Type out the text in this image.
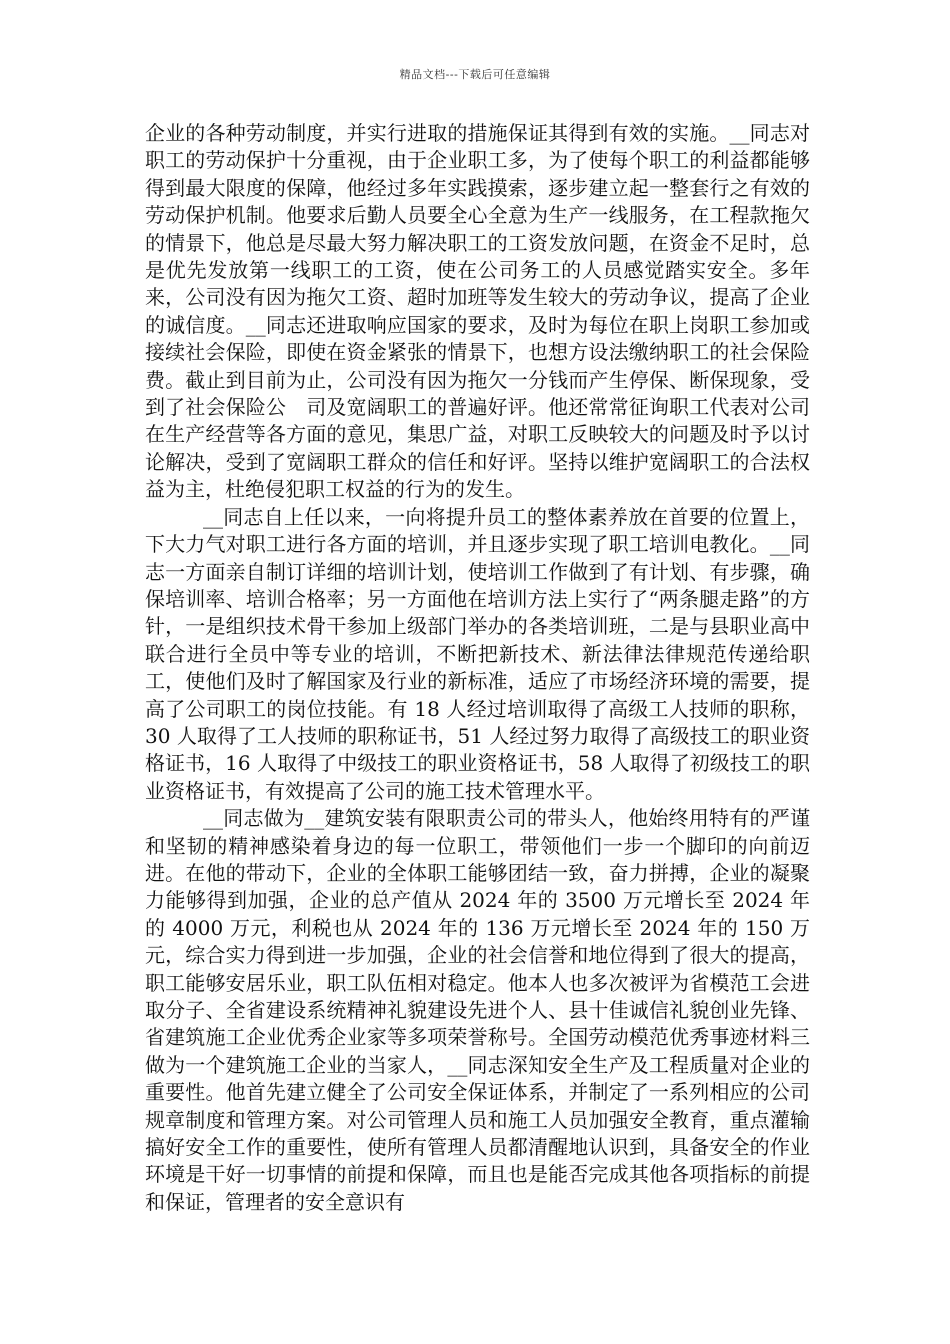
精品文档---下载后可任意编辑

企业的各种劳动制度，并实行进取的措施保证其得到有效的实施。__同志对职工的劳动保护十分重视，由于企业职工多，为了使每个职工的利益都能够得到最大限度的保障，他经过多年实践摸索，逐步建立起一整套行之有效的劳动保护机制。他要求后勤人员要全心全意为生产一线服务，在工程款拖欠的情景下，他总是尽最大努力解决职工的工资发放问题，在资金不足时，总是优先发放第一线职工的工资，使在公司务工的人员感觉踏实安全。多年来，公司没有因为拖欠工资、超时加班等发生较大的劳动争议，提高了企业的诚信度。__同志还进取响应国家的要求，及时为每位在职上岗职工参加或接续社会保险，即使在资金紧张的情景下，也想方设法缴纳职工的社会保险费。截止到目前为止，公司没有因为拖欠一分钱而产生停保、断保现象，受到了社会保险公　司及宽阔职工的普遍好评。他还常常征询职工代表对公司在生产经营等各方面的意见，集思广益，对职工反映较大的问题及时予以讨论解决，受到了宽阔职工群众的信任和好评。坚持以维护宽阔职工的合法权益为主，杜绝侵犯职工权益的行为的发生。

__同志自上任以来，一向将提升员工的整体素养放在首要的位置上，下大力气对职工进行各方面的培训，并且逐步实现了职工培训电教化。__同志一方面亲自制订详细的培训计划，使培训工作做到了有计划、有步骤，确保培训率、培训合格率；另一方面他在培训方法上实行了“两条腿走路”的方针，一是组织技术骨干参加上级部门举办的各类培训班，二是与县职业高中联合进行全员中等专业的培训，不断把新技术、新法律法律规范传递给职工，使他们及时了解国家及行业的新标准，适应了市场经济环境的需要，提高了公司职工的岗位技能。有 18 人经过培训取得了高级工人技师的职称，30 人取得了工人技师的职称证书，51 人经过努力取得了高级技工的职业资格证书，16 人取得了中级技工的职业资格证书，58 人取得了初级技工的职业资格证书，有效提高了公司的施工技术管理水平。

__同志做为__建筑安装有限职责公司的带头人，他始终用特有的严谨和坚韧的精神感染着身边的每一位职工，带领他们一步一个脚印的向前迈进。在他的带动下，企业的全体职工能够团结一致，奋力拼搏，企业的凝聚力能够得到加强，企业的总产值从 2024 年的 3500 万元增长至 2024 年的 4000 万元，利税也从 2024 年的 136 万元增长至 2024 年的 150 万元，综合实力得到进一步加强，企业的社会信誉和地位得到了很大的提高，职工能够安居乐业，职工队伍相对稳定。他本人也多次被评为省模范工会进取分子、全省建设系统精神礼貌建设先进个人、县十佳诚信礼貌创业先锋、省建筑施工企业优秀企业家等多项荣誉称号。全国劳动模范优秀事迹材料三做为一个建筑施工企业的当家人，__同志深知安全生产及工程质量对企业的重要性。他首先建立健全了公司安全保证体系，并制定了一系列相应的公司规章制度和管理方案。对公司管理人员和施工人员加强安全教育，重点灌输搞好安全工作的重要性，使所有管理人员都清醒地认识到，具备安全的作业环境是干好一切事情的前提和保障，而且也是能否完成其他各项指标的前提和保证，管理者的安全意识有
